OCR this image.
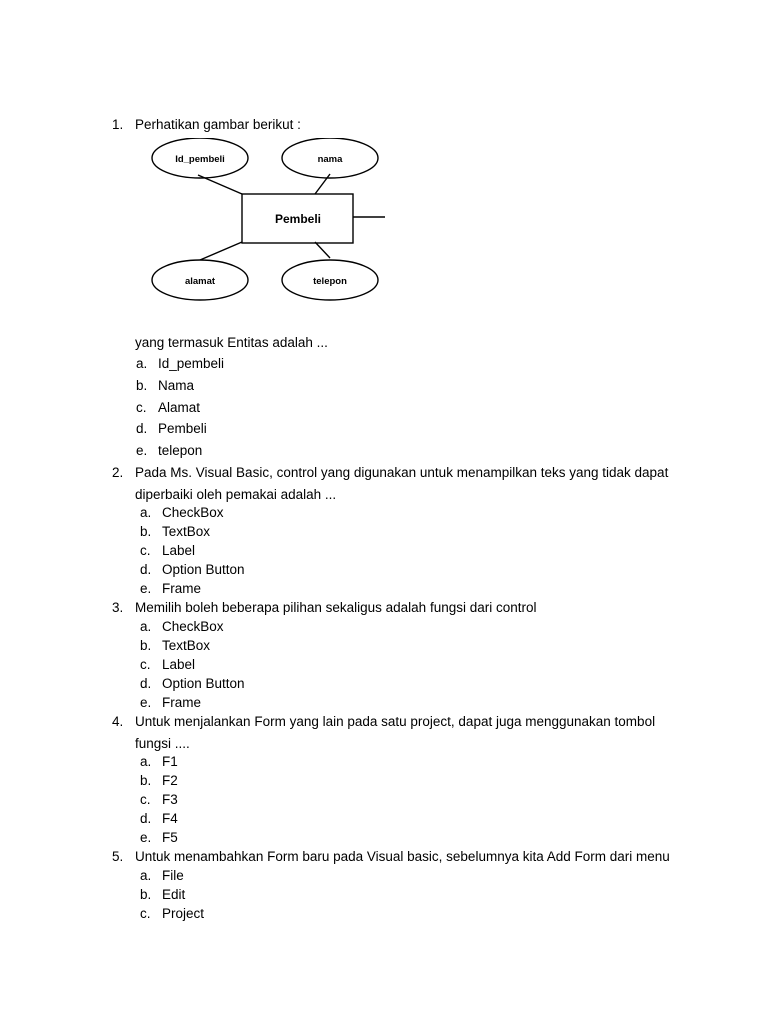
1. Perhatikan gambar berikut :
Pembeli
Id_pembeli	nama
alamat	telepon
yang termasuk Entitas adalah ...
a. Id_pembeli
b. Nama
c. Alamat
d. Pembeli
e. telepon
2. Pada Ms. Visual Basic, control yang digunakan untuk menampilkan teks yang tidak dapat
diperbaiki oleh pemakai adalah ...
a. CheckBox
b. TextBox
c. Label
d. Option Button
e. Frame
3. Memilih boleh beberapa pilihan sekaligus adalah fungsi dari control
a. CheckBox
b. TextBox
c. Label
d. Option Button
e. Frame
4. Untuk menjalankan Form yang lain pada satu project, dapat juga menggunakan tombol
fungsi ....
a. F1
b. F2
c. F3
d. F4
e. F5
5. Untuk menambahkan Form baru pada Visual basic, sebelumnya kita Add Form dari menu
a. File
b. Edit
c. Project
